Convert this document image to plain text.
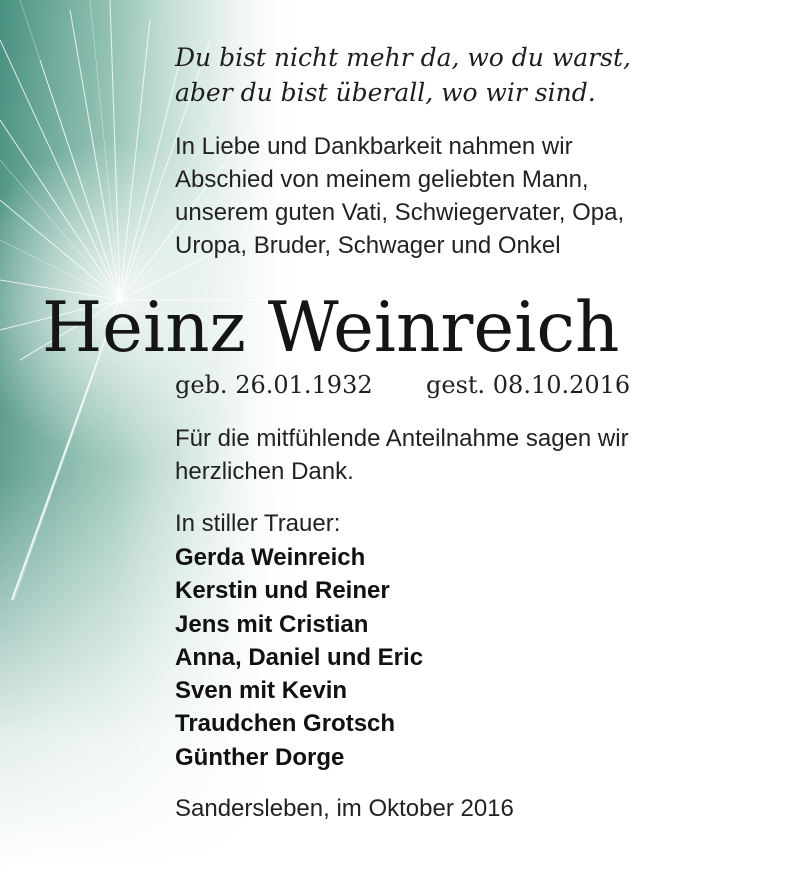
Du bist nicht mehr da, wo du warst,

aber du bist überall, wo wir sind.

In Liebe und Dankbarkeit nahmen wir

Abschied von meinem geliebten Mann,

unserem guten Vati, Schwiegervater, Opa,

Uropa, Bruder, Schwager und Onkel

Heinz Weinreich
geb. 26.01.1932 gest. 08.10.2016

Für die mitfühlende Anteilnahme sagen wir

herzlichen Dank.

In stiller Trauer:

Gerda Weinreich
Kerstin und Reiner
Jens mit Cristian
Anna, Daniel und Eric
Sven mit Kevin
Traudchen Grotsch
Günther Dorge

Sandersleben, im Oktober 2016
